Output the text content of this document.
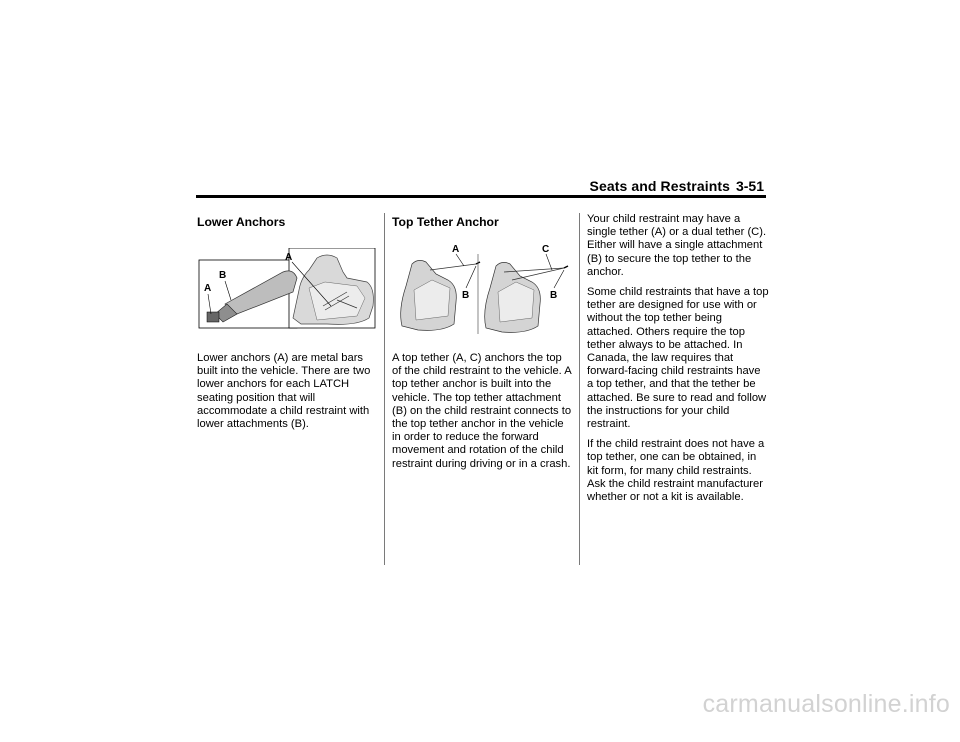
Seats and Restraints 3-51
Lower Anchors
B
A
A

Lower anchors (A) are metal bars built into the vehicle. There are two lower anchors for each LATCH seating position that will accommodate a child restraint with lower attachments (B).

Top Tether Anchor
A
B
C
B

A top tether (A, C) anchors the top of the child restraint to the vehicle. A top tether anchor is built into the vehicle. The top tether attachment (B) on the child restraint connects to the top tether anchor in the vehicle in order to reduce the forward movement and rotation of the child restraint during driving or in a crash.

Your child restraint may have a single tether (A) or a dual tether (C). Either will have a single attachment (B) to secure the top tether to the anchor.

Some child restraints that have a top tether are designed for use with or without the top tether being attached. Others require the top tether always to be attached. In Canada, the law requires that forward-facing child restraints have a top tether, and that the tether be attached. Be sure to read and follow the instructions for your child restraint.

If the child restraint does not have a top tether, one can be obtained, in kit form, for many child restraints. Ask the child restraint manufacturer whether or not a kit is available.

carmanualsonline.info
